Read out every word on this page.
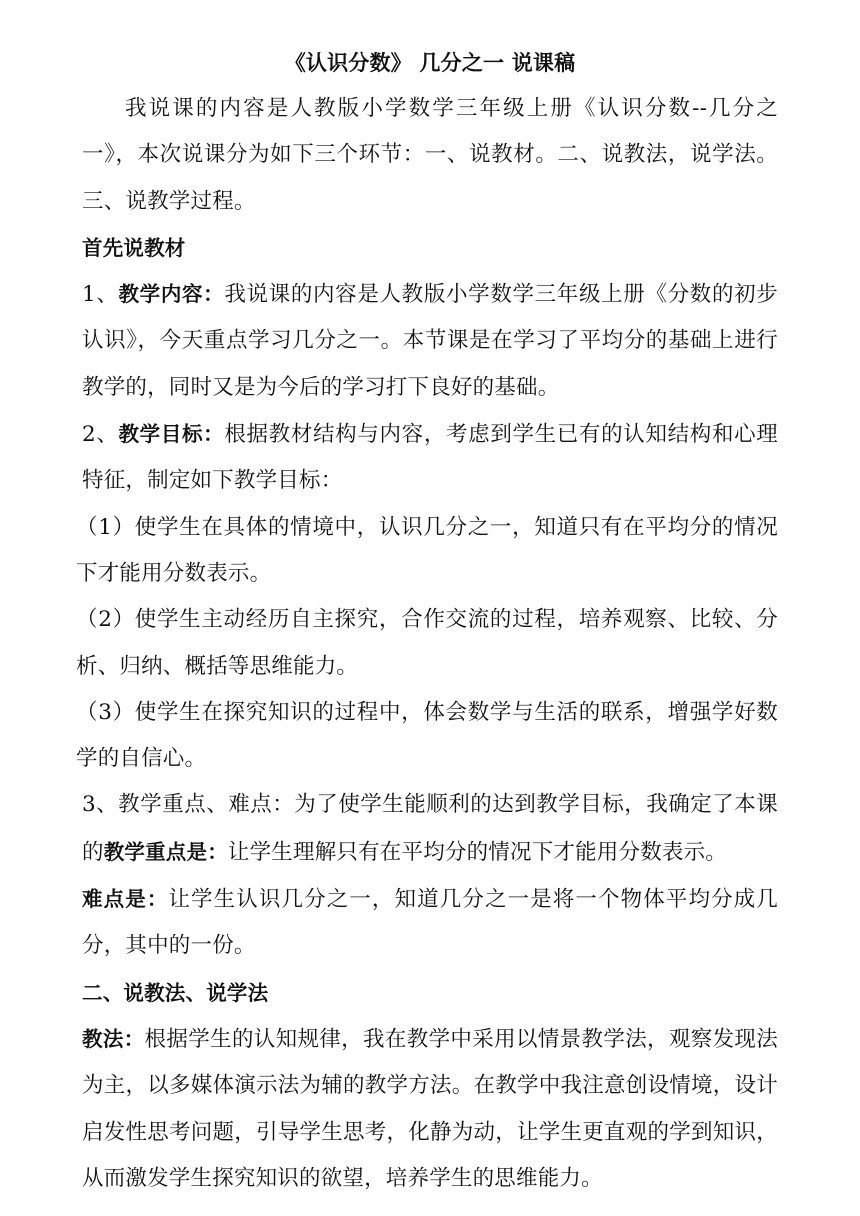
《认识分数》 几分之一 说课稿

我说课的内容是人教版小学数学三年级上册《认识分数--几分之一》，本次说课分为如下三个环节：一、说教材。二、说教法，说学法。三、说教学过程。

首先说教材

1、教学内容：我说课的内容是人教版小学数学三年级上册《分数的初步认识》，今天重点学习几分之一。本节课是在学习了平均分的基础上进行教学的，同时又是为今后的学习打下良好的基础。

2、教学目标：根据教材结构与内容，考虑到学生已有的认知结构和心理特征，制定如下教学目标：

（1）使学生在具体的情境中，认识几分之一，知道只有在平均分的情况下才能用分数表示。

（2）使学生主动经历自主探究，合作交流的过程，培养观察、比较、分析、归纳、概括等思维能力。

（3）使学生在探究知识的过程中，体会数学与生活的联系，增强学好数学的自信心。

3、教学重点、难点：为了使学生能顺利的达到教学目标，我确定了本课的教学重点是：让学生理解只有在平均分的情况下才能用分数表示。

难点是：让学生认识几分之一，知道几分之一是将一个物体平均分成几分，其中的一份。

二、说教法、说学法

教法：根据学生的认知规律，我在教学中采用以情景教学法，观察发现法为主，以多媒体演示法为辅的教学方法。在教学中我注意创设情境，设计启发性思考问题，引导学生思考，化静为动，让学生更直观的学到知识，从而激发学生探究知识的欲望，培养学生的思维能力。
